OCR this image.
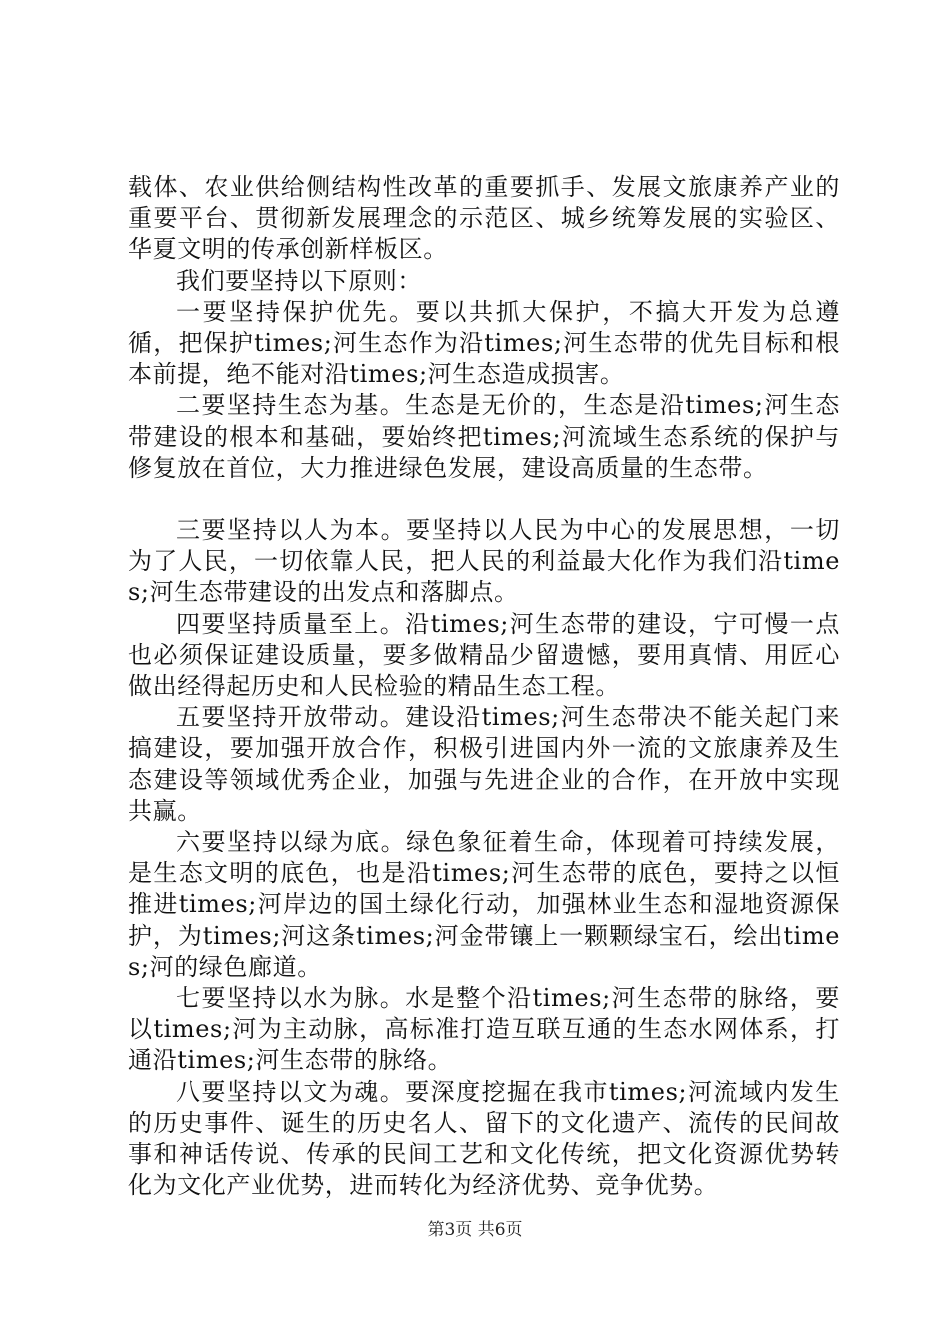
载体、农业供给侧结构性改革的重要抓手、发展文旅康养产业的重要平台、贯彻新发展理念的示范区、城乡统筹发展的实验区、华夏文明的传承创新样板区。

我们要坚持以下原则：

一要坚持保护优先。要以共抓大保护，不搞大开发为总遵循，把保护times;河生态作为沿times;河生态带的优先目标和根本前提，绝不能对沿times;河生态造成损害。

二要坚持生态为基。生态是无价的，生态是沿times;河生态带建设的根本和基础，要始终把times;河流域生态系统的保护与修复放在首位，大力推进绿色发展，建设高质量的生态带。

三要坚持以人为本。要坚持以人民为中心的发展思想，一切为了人民，一切依靠人民，把人民的利益最大化作为我们沿times;河生态带建设的出发点和落脚点。

四要坚持质量至上。沿times;河生态带的建设，宁可慢一点也必须保证建设质量，要多做精品少留遗憾，要用真情、用匠心做出经得起历史和人民检验的精品生态工程。

五要坚持开放带动。建设沿times;河生态带决不能关起门来搞建设，要加强开放合作，积极引进国内外一流的文旅康养及生态建设等领域优秀企业，加强与先进企业的合作，在开放中实现共赢。

六要坚持以绿为底。绿色象征着生命，体现着可持续发展，是生态文明的底色，也是沿times;河生态带的底色，要持之以恒推进times;河岸边的国土绿化行动，加强林业生态和湿地资源保护，为times;河这条times;河金带镶上一颗颗绿宝石，绘出times;河的绿色廊道。

七要坚持以水为脉。水是整个沿times;河生态带的脉络，要以times;河为主动脉，高标准打造互联互通的生态水网体系，打通沿times;河生态带的脉络。

八要坚持以文为魂。要深度挖掘在我市times;河流域内发生的历史事件、诞生的历史名人、留下的文化遗产、流传的民间故事和神话传说、传承的民间工艺和文化传统，把文化资源优势转化为文化产业优势，进而转化为经济优势、竞争优势。

第3页 共6页
